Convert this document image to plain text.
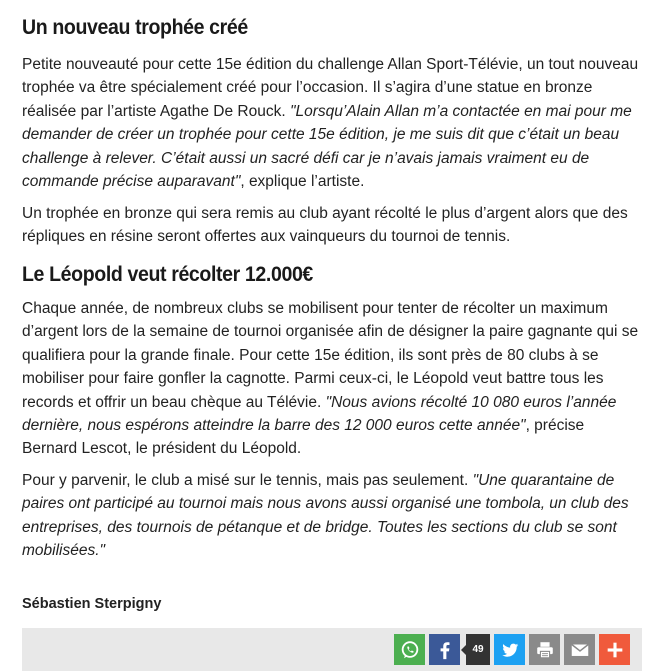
Un nouveau trophée créé

Petite nouveauté pour cette 15e édition du challenge Allan Sport-Télévie, un tout nouveau trophée va être spécialement créé pour l’occasion. Il s’agira d’une statue en bronze réalisée par l’artiste Agathe De Rouck. "Lorsqu’Alain Allan m’a contactée en mai pour me demander de créer un trophée pour cette 15e édition, je me suis dit que c’était un beau challenge à relever. C’était aussi un sacré défi car je n’avais jamais vraiment eu de commande précise auparavant", explique l’artiste.

Un trophée en bronze qui sera remis au club ayant récolté le plus d’argent alors que des répliques en résine seront offertes aux vainqueurs du tournoi de tennis.

Le Léopold veut récolter 12.000€

Chaque année, de nombreux clubs se mobilisent pour tenter de récolter un maximum d’argent lors de la semaine de tournoi organisée afin de désigner la paire gagnante qui se qualifiera pour la grande finale. Pour cette 15e édition, ils sont près de 80 clubs à se mobiliser pour faire gonfler la cagnotte. Parmi ceux-ci, le Léopold veut battre tous les records et offrir un beau chèque au Télévie. "Nous avions récolté 10 080 euros l’année dernière, nous espérons atteindre la barre des 12 000 euros cette année", précise Bernard Lescot, le président du Léopold.

Pour y parvenir, le club a misé sur le tennis, mais pas seulement. "Une quarantaine de paires ont participé au tournoi mais nous avons aussi organisé une tombola, un club des entreprises, des tournois de pétanque et de bridge. Toutes les sections du club se sont mobilisées."

Sébastien Sterpigny
49
